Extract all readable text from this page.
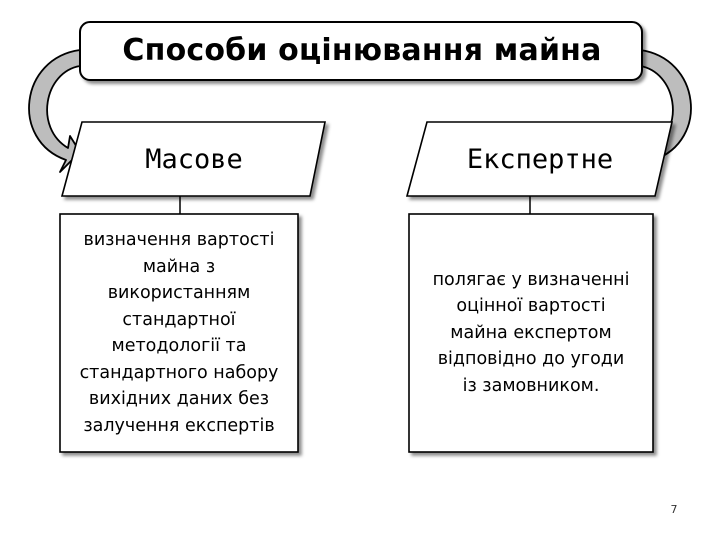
Способи оцінювання майна
Масове	Експертне
визначення вартості
майна з
використанням
стандартної
методології та
стандартного набору
вихідних даних без
залучення експертів
полягає у визначенні
оцінної вартості
майна експертом
відповідно до угоди
із замовником.
7
